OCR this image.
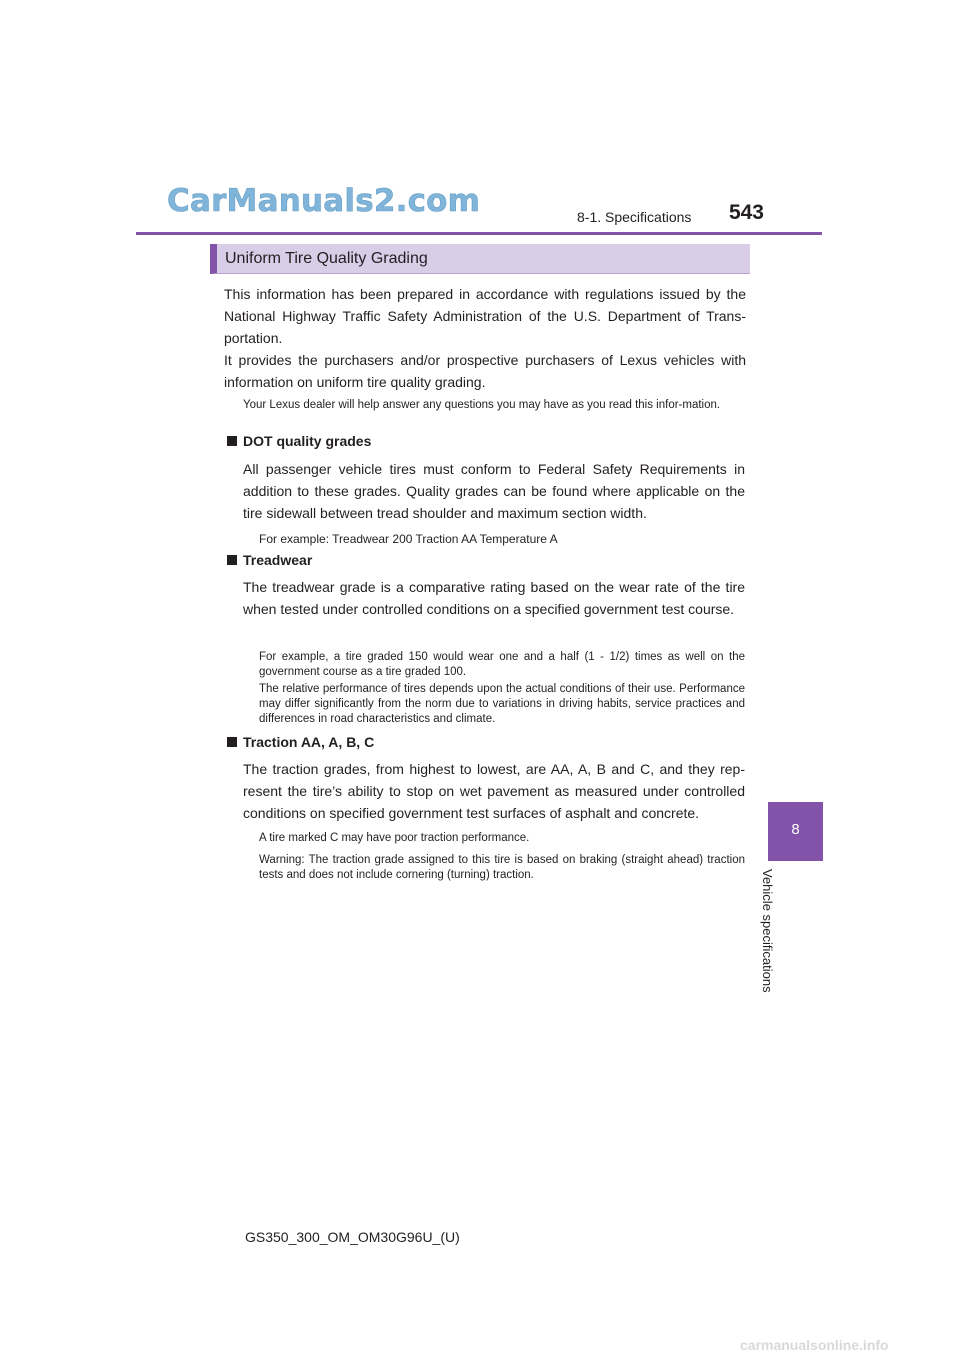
CarManuals2.com	8-1. Specifications	543
Uniform Tire Quality Grading
8
Vehicle specifications

This information has been prepared in accordance with regulations issued by the National Highway Traffic Safety Administration of the U.S. Department of Trans-portation.

It provides the purchasers and/or prospective purchasers of Lexus vehicles with information on uniform tire quality grading.

Your Lexus dealer will help answer any questions you may have as you read this infor-mation.
DOT quality grades
All passenger vehicle tires must conform to Federal Safety Requirements in addition to these grades. Quality grades can be found where applicable on the tire sidewall between tread shoulder and maximum section width.
For example: Treadwear 200 Traction AA Temperature A
Treadwear
The treadwear grade is a comparative rating based on the wear rate of the tire when tested under controlled conditions on a specified government test course.
For example, a tire graded 150 would wear one and a half (1 - 1/2) times as well on the government course as a tire graded 100.
The relative performance of tires depends upon the actual conditions of their use. Performance may differ significantly from the norm due to variations in driving habits, service practices and differences in road characteristics and climate.
Traction AA, A, B, C
The traction grades, from highest to lowest, are AA, A, B and C, and they rep-resent the tire’s ability to stop on wet pavement as measured under controlled conditions on specified government test surfaces of asphalt and concrete.
A tire marked C may have poor traction performance.
Warning: The traction grade assigned to this tire is based on braking (straight ahead) traction tests and does not include cornering (turning) traction.
GS350_300_OM_OM30G96U_(U)
carmanualsonline.info
